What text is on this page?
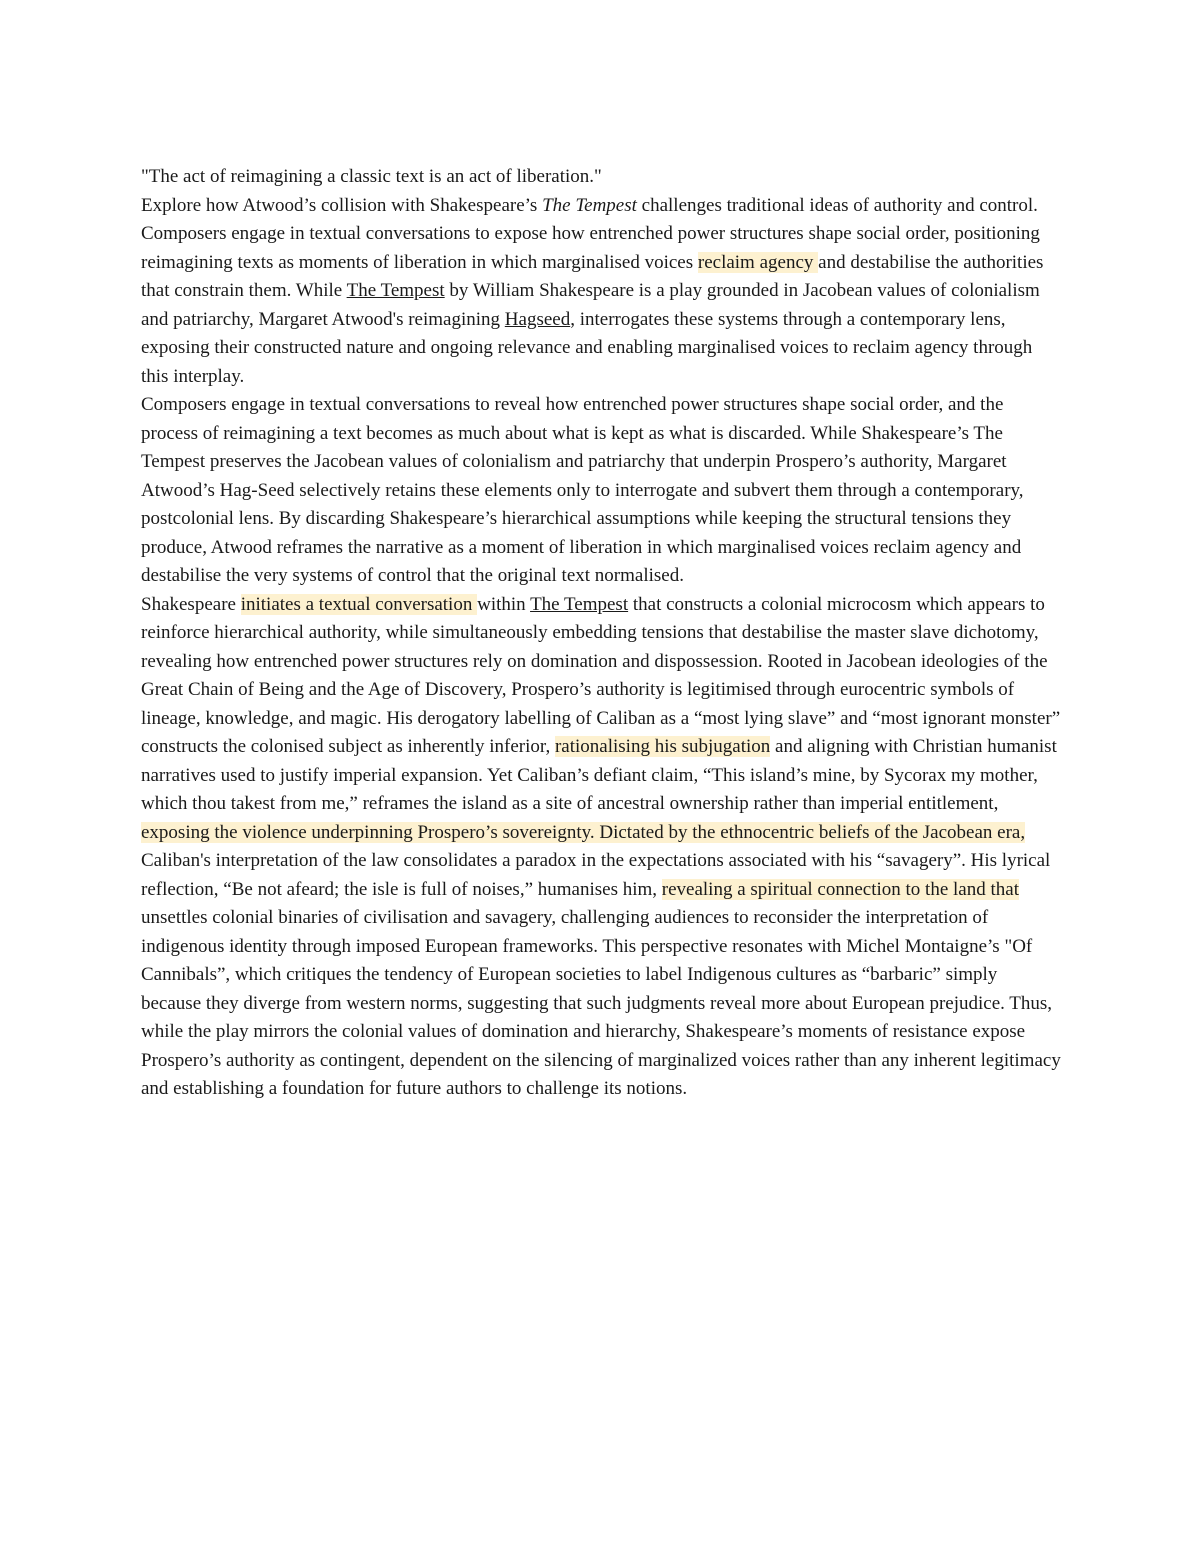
"The act of reimagining a classic text is an act of liberation."

Explore how Atwood’s collision with Shakespeare’s The Tempest challenges traditional ideas of authority and control.

Composers engage in textual conversations to expose how entrenched power structures shape social order, positioning reimagining texts as moments of liberation in which marginalised voices reclaim agency and destabilise the authorities that constrain them. While The Tempest by William Shakespeare is a play grounded in Jacobean values of colonialism and patriarchy, Margaret Atwood's reimagining Hagseed, interrogates these systems through a contemporary lens, exposing their constructed nature and ongoing relevance and enabling marginalised voices to reclaim agency through this interplay.

Composers engage in textual conversations to reveal how entrenched power structures shape social order, and the process of reimagining a text becomes as much about what is kept as what is discarded. While Shakespeare’s The Tempest preserves the Jacobean values of colonialism and patriarchy that underpin Prospero’s authority, Margaret Atwood’s Hag-Seed selectively retains these elements only to interrogate and subvert them through a contemporary, postcolonial lens. By discarding Shakespeare’s hierarchical assumptions while keeping the structural tensions they produce, Atwood reframes the narrative as a moment of liberation in which marginalised voices reclaim agency and destabilise the very systems of control that the original text normalised.

Shakespeare initiates a textual conversation within The Tempest that constructs a colonial microcosm which appears to reinforce hierarchical authority, while simultaneously embedding tensions that destabilise the master slave dichotomy, revealing how entrenched power structures rely on domination and dispossession. Rooted in Jacobean ideologies of the Great Chain of Being and the Age of Discovery, Prospero’s authority is legitimised through eurocentric symbols of lineage, knowledge, and magic. His derogatory labelling of Caliban as a “most lying slave” and “most ignorant monster” constructs the colonised subject as inherently inferior, rationalising his subjugation and aligning with Christian humanist narratives used to justify imperial expansion. Yet Caliban’s defiant claim, “This island’s mine, by Sycorax my mother, which thou takest from me,” reframes the island as a site of ancestral ownership rather than imperial entitlement, exposing the violence underpinning Prospero’s sovereignty. Dictated by the ethnocentric beliefs of the Jacobean era, Caliban's interpretation of the law consolidates a paradox in the expectations associated with his “savagery”. His lyrical reflection, “Be not afeard; the isle is full of noises,” humanises him, revealing a spiritual connection to the land that unsettles colonial binaries of civilisation and savagery, challenging audiences to reconsider the interpretation of indigenous identity through imposed European frameworks. This perspective resonates with Michel Montaigne’s "Of Cannibals”, which critiques the tendency of European societies to label Indigenous cultures as “barbaric” simply because they diverge from western norms, suggesting that such judgments reveal more about European prejudice. Thus, while the play mirrors the colonial values of domination and hierarchy, Shakespeare’s moments of resistance expose Prospero’s authority as contingent, dependent on the silencing of marginalized voices rather than any inherent legitimacy and establishing a foundation for future authors to challenge its notions.
